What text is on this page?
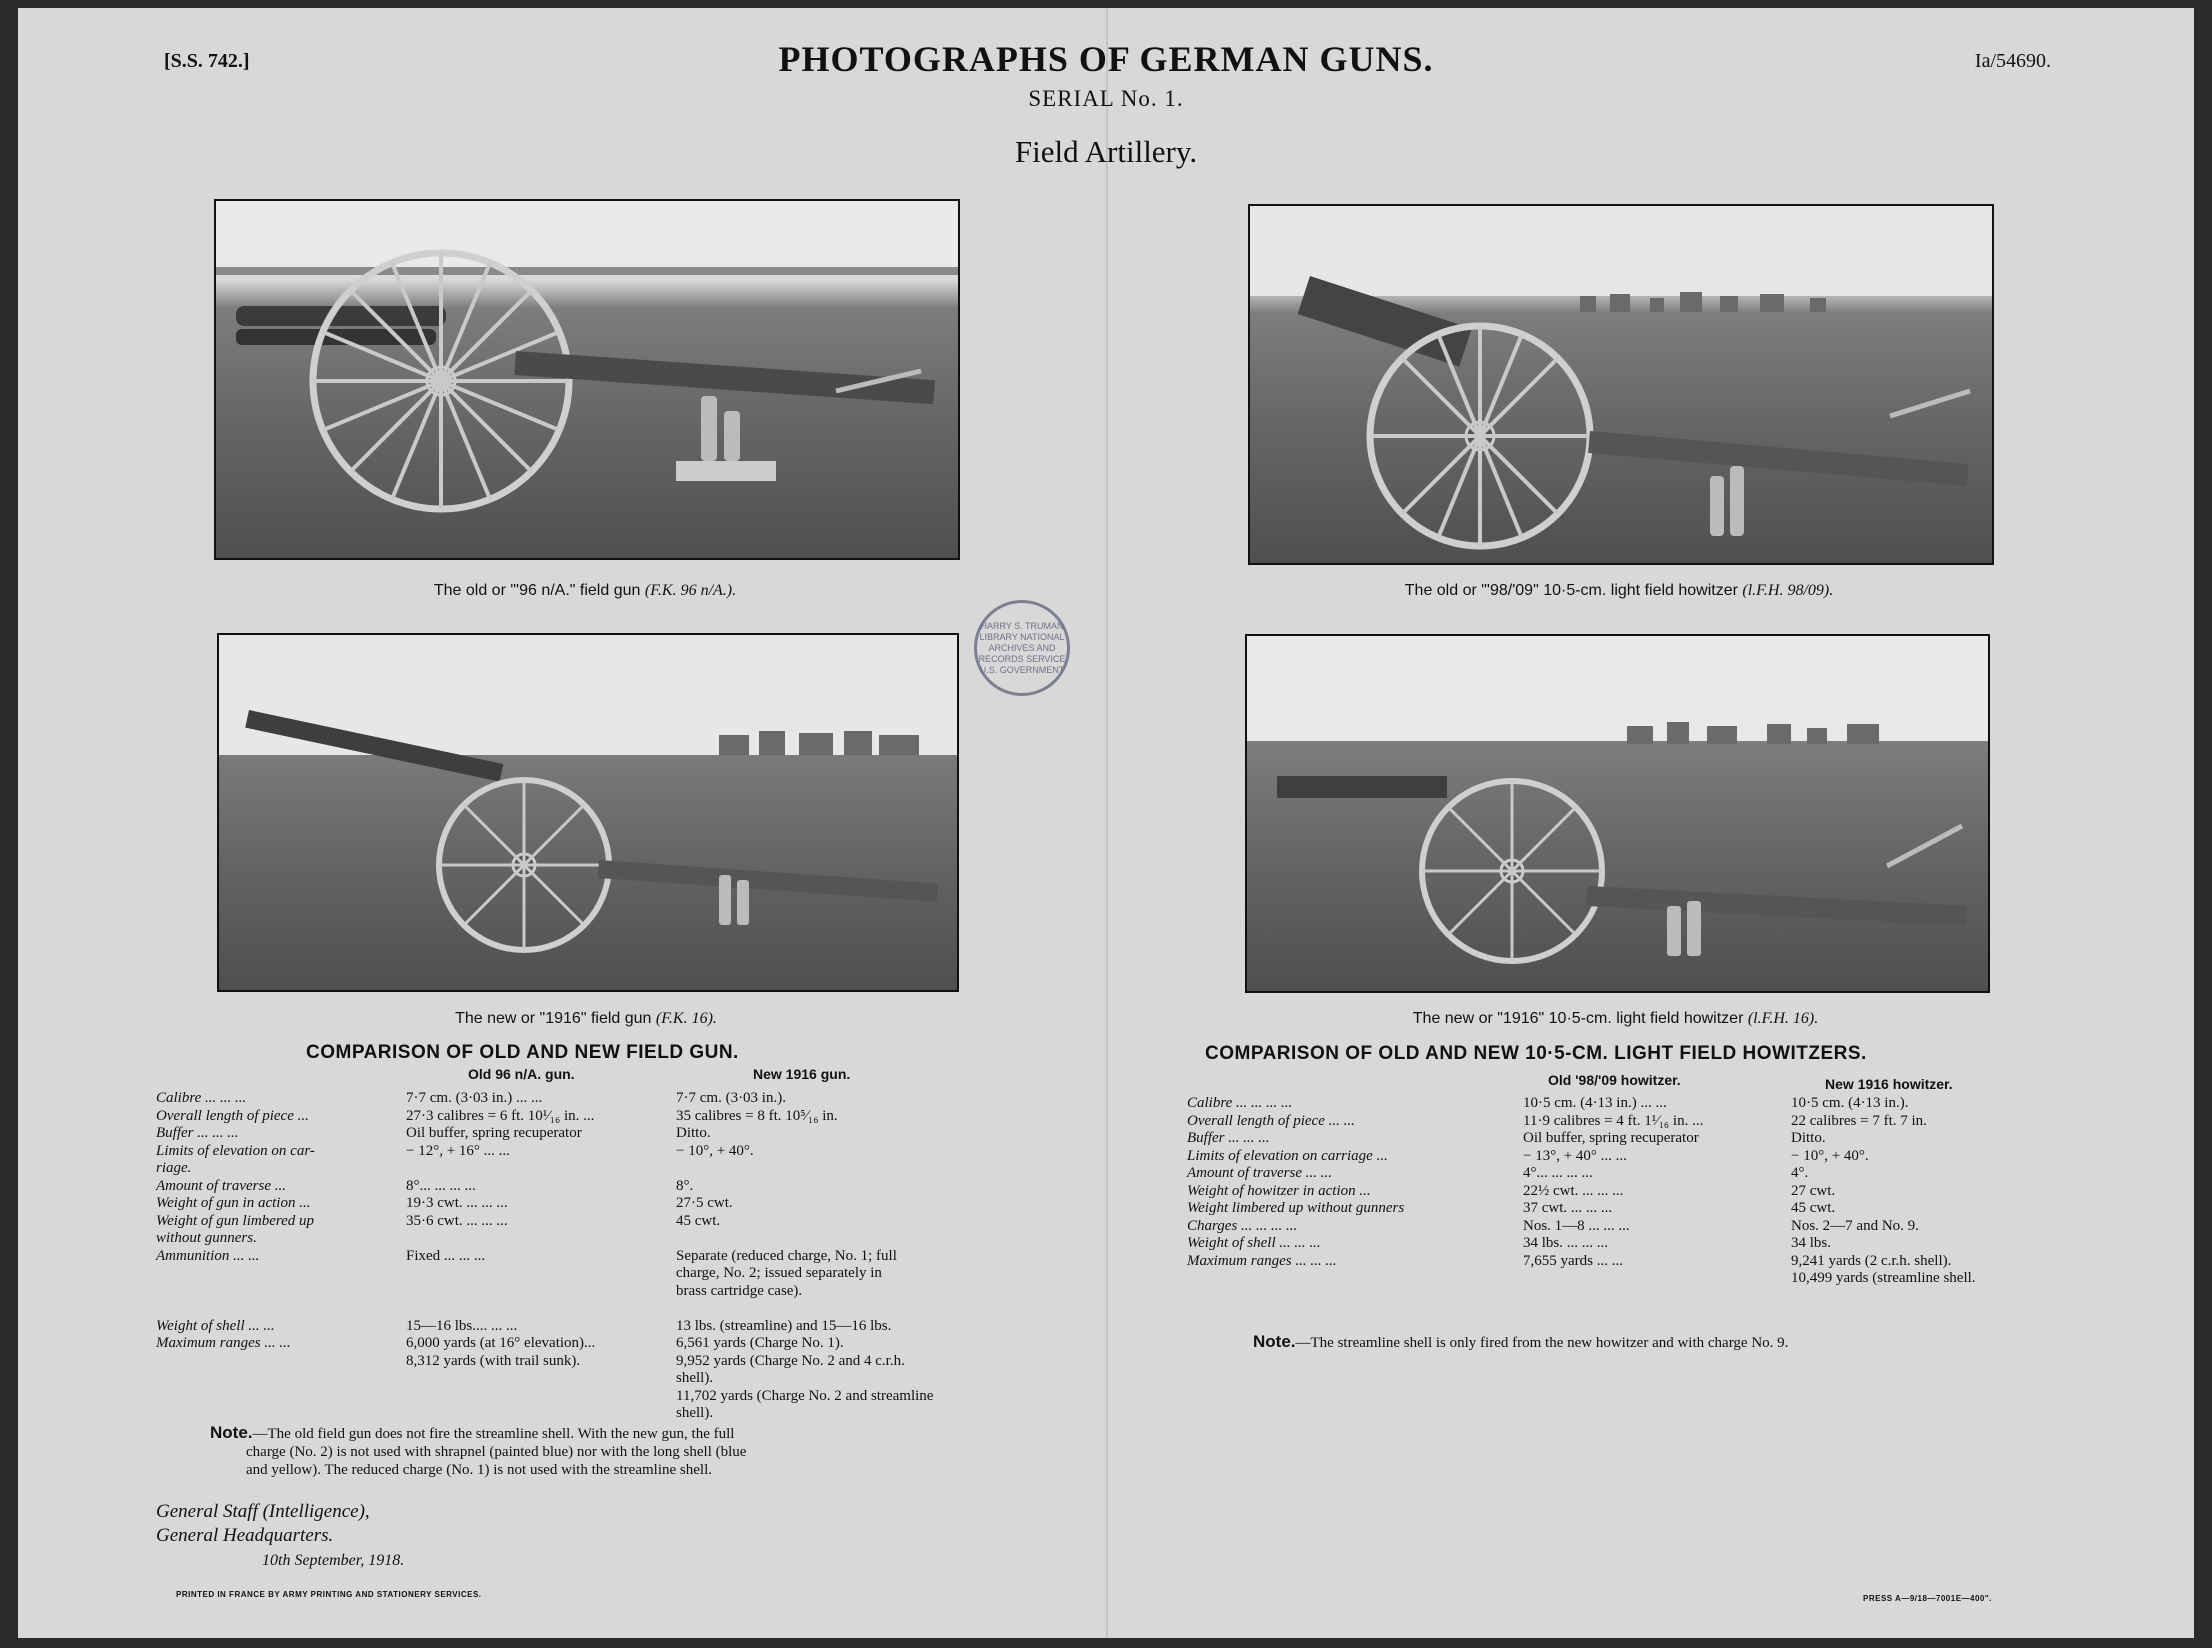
[S.S. 742.]	Ia/54690.
PHOTOGRAPHS OF GERMAN GUNS.
SERIAL No. 1.
Field Artillery.
The old or "'96 n/A." field gun (F.K. 96 n/A.).	The old or "'98/'09" 10·5-cm. light field howitzer (l.F.H. 98/09).
HARRY S. TRUMAN LIBRARY NATIONAL ARCHIVES AND RECORDS SERVICE U.S. GOVERNMENT
The new or "1916" field gun (F.K. 16).	The new or "1916" 10·5-cm. light field howitzer (l.F.H. 16).
COMPARISON OF OLD AND NEW FIELD GUN.
Old 96 n/A. gun.	New 1916 gun.
Calibre ... ... ...	7·7 cm. (3·03 in.) ... ...	7·7 cm. (3·03 in.).
Overall length of piece ...	27·3 calibres = 6 ft. 10¹⁄₁₆ in. ...	35 calibres = 8 ft. 10⁵⁄₁₆ in.
Buffer ... ... ...	Oil buffer, spring recuperator	Ditto.
Limits of elevation on car-	− 12°, + 16° ... ...	− 10°, + 40°.
riage.
Amount of traverse ...	8°... ... ... ...	8°.
Weight of gun in action ...	19·3 cwt. ... ... ...	27·5 cwt.
Weight of gun limbered up	35·6 cwt. ... ... ...	45 cwt.
without gunners.
Ammunition ... ...	Fixed ... ... ...	Separate (reduced charge, No. 1; full
charge, No. 2; issued separately in
brass cartridge case).
Weight of shell ... ...	15—16 lbs.... ... ...	13 lbs. (streamline) and 15—16 lbs.
Maximum ranges ... ...	6,000 yards (at 16° elevation)...	6,561 yards (Charge No. 1).
8,312 yards (with trail sunk).	9,952 yards (Charge No. 2 and 4 c.r.h.
shell).
11,702 yards (Charge No. 2 and streamline
shell).
Note.—The old field gun does not fire the streamline shell. With the new gun, the full
charge (No. 2) is not used with shrapnel (painted blue) nor with the long shell (blue
and yellow). The reduced charge (No. 1) is not used with the streamline shell.
COMPARISON OF OLD AND NEW 10·5-CM. LIGHT FIELD HOWITZERS.
Old '98/'09 howitzer.	New 1916 howitzer.
Calibre ... ... ... ...	10·5 cm. (4·13 in.) ... ...	10·5 cm. (4·13 in.).
Overall length of piece ... ...	11·9 calibres = 4 ft. 1¹⁄₁₆ in. ...	22 calibres = 7 ft. 7 in.
Buffer ... ... ...	Oil buffer, spring recuperator	Ditto.
Limits of elevation on carriage ...	− 13°, + 40° ... ...	− 10°, + 40°.
Amount of traverse ... ...	4°... ... ... ...	4°.
Weight of howitzer in action ...	22½ cwt. ... ... ...	27 cwt.
Weight limbered up without gunners	37 cwt. ... ... ...	45 cwt.
Charges ... ... ... ...	Nos. 1—8 ... ... ...	Nos. 2—7 and No. 9.
Weight of shell ... ... ...	34 lbs. ... ... ...	34 lbs.
Maximum ranges ... ... ...	7,655 yards ... ...	9,241 yards (2 c.r.h. shell).
10,499 yards (streamline shell.
Note.—The streamline shell is only fired from the new howitzer and with charge No. 9.
General Staff (Intelligence),
General Headquarters.
10th September, 1918.
PRINTED IN FRANCE BY ARMY PRINTING AND STATIONERY SERVICES.	PRESS A—9/18—7001E—400".
